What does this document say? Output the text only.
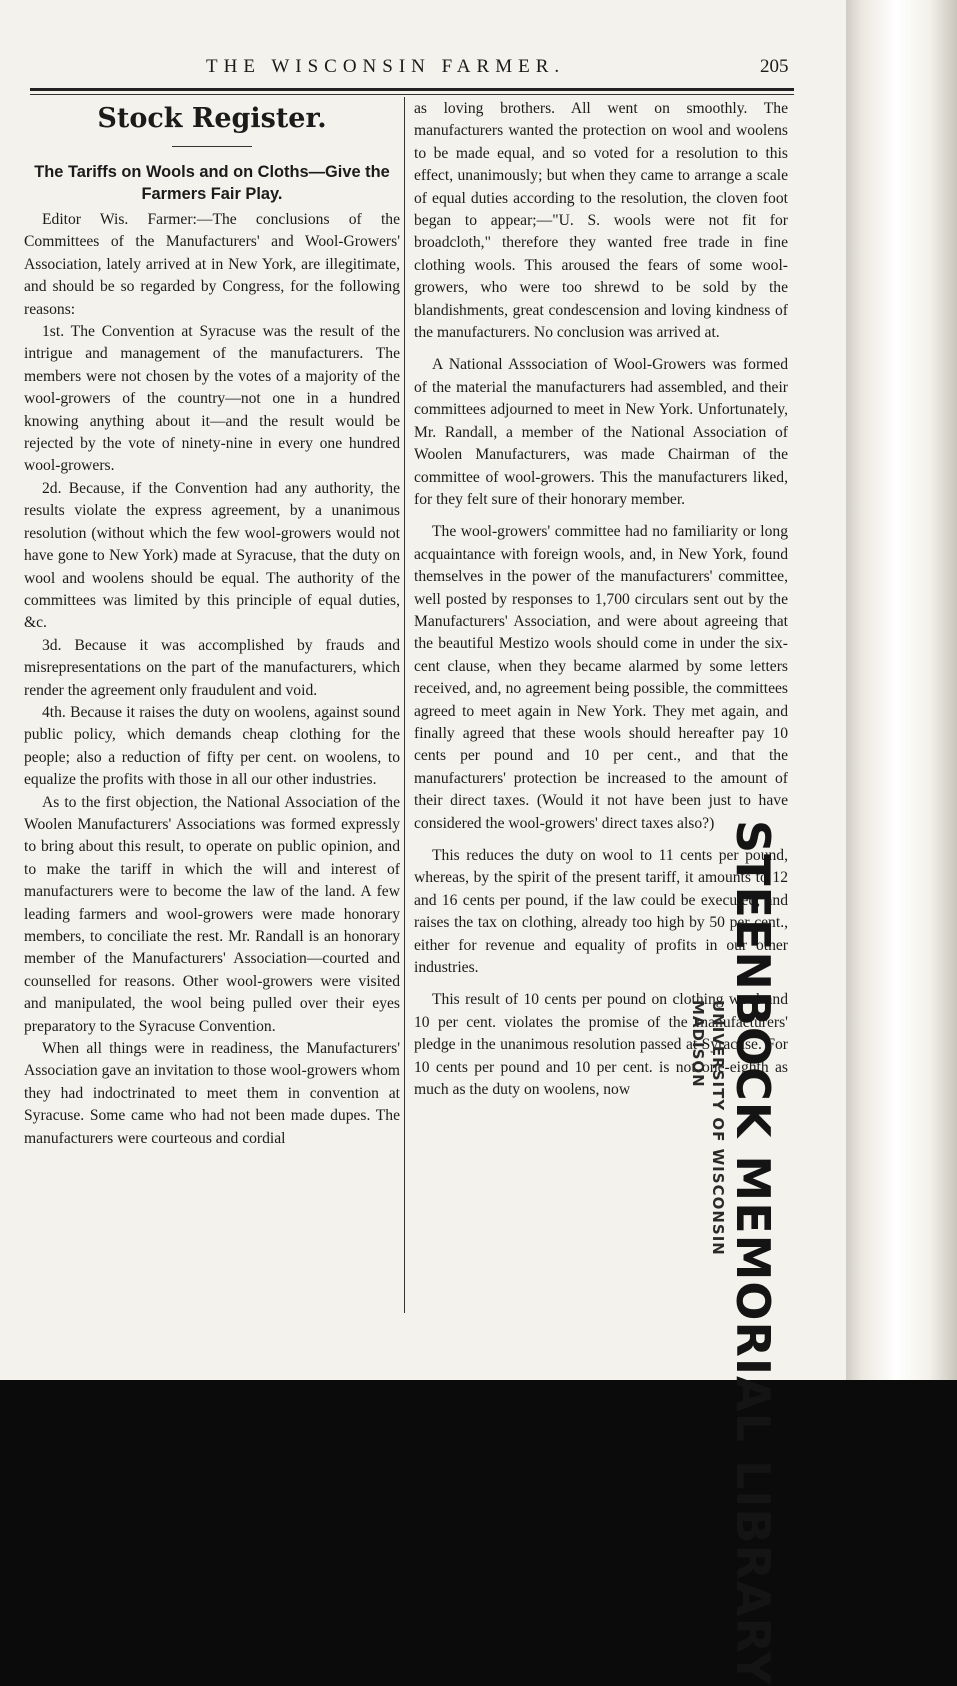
THE WISCONSIN FARMER.	205
Stock Register.
The Tariffs on Wools and on Cloths—Give the Farmers Fair Play.

Editor Wis. Farmer:—The conclusions of the Committees of the Manufacturers' and Wool-Growers' Association, lately arrived at in New York, are illegitimate, and should be so regarded by Congress, for the following reasons:

1st. The Convention at Syracuse was the result of the intrigue and management of the manufacturers. The members were not chosen by the votes of a majority of the wool-growers of the country—not one in a hundred knowing anything about it—and the result would be rejected by the vote of ninety-nine in every one hundred wool-growers.

2d. Because, if the Convention had any authority, the results violate the express agreement, by a unanimous resolution (without which the few wool-growers would not have gone to New York) made at Syracuse, that the duty on wool and woolens should be equal. The authority of the committees was limited by this principle of equal duties, &c.

3d. Because it was accomplished by frauds and misrepresentations on the part of the manufacturers, which render the agreement only fraudulent and void.

4th. Because it raises the duty on woolens, against sound public policy, which demands cheap clothing for the people; also a reduction of fifty per cent. on woolens, to equalize the profits with those in all our other industries.

As to the first objection, the National Association of the Woolen Manufacturers' Associations was formed expressly to bring about this result, to operate on public opinion, and to make the tariff in which the will and interest of manufacturers were to become the law of the land. A few leading farmers and wool-growers were made honorary members, to conciliate the rest. Mr. Randall is an honorary member of the Manufacturers' Association—courted and counselled for reasons. Other wool-growers were visited and manipulated, the wool being pulled over their eyes preparatory to the Syracuse Convention.

When all things were in readiness, the Manufacturers' Association gave an invitation to those wool-growers whom they had indoctrinated to meet them in convention at Syracuse. Some came who had not been made dupes. The manufacturers were courteous and cordial

as loving brothers. All went on smoothly. The manufacturers wanted the protection on wool and woolens to be made equal, and so voted for a resolution to this effect, unanimously; but when they came to arrange a scale of equal duties according to the resolution, the cloven foot began to appear;—"U. S. wools were not fit for broadcloth," therefore they wanted free trade in fine clothing wools. This aroused the fears of some wool-growers, who were too shrewd to be sold by the blandishments, great condescension and loving kindness of the manufacturers. No conclusion was arrived at.

A National Asssociation of Wool-Growers was formed of the material the manufacturers had assembled, and their committees adjourned to meet in New York. Unfortunately, Mr. Randall, a member of the National Association of Woolen Manufacturers, was made Chairman of the committee of wool-growers. This the manufacturers liked, for they felt sure of their honorary member.

The wool-growers' committee had no familiarity or long acquaintance with foreign wools, and, in New York, found themselves in the power of the manufacturers' committee, well posted by responses to 1,700 circulars sent out by the Manufacturers' Association, and were about agreeing that the beautiful Mestizo wools should come in under the six-cent clause, when they became alarmed by some letters received, and, no agreement being possible, the committees agreed to meet again in New York. They met again, and finally agreed that these wools should hereafter pay 10 cents per pound and 10 per cent., and that the manufacturers' protection be increased to the amount of their direct taxes. (Would it not have been just to have considered the wool-growers' direct taxes also?)

This reduces the duty on wool to 11 cents per pound, whereas, by the spirit of the present tariff, it amounts to 12 and 16 cents per pound, if the law could be executed, and raises the tax on clothing, already too high by 50 per cent., either for revenue and equality of profits in our other industries.

This result of 10 cents per pound on clothing wool and 10 per cent. violates the promise of the manufacturers' pledge in the unanimous resolution passed at Syracuse. For 10 cents per pound and 10 per cent. is not one-eighth as much as the duty on woolens, now	STEENBOCK MEMORIAL LIBRARY
UNIVERSITY OF WISCONSIN
MADISON
